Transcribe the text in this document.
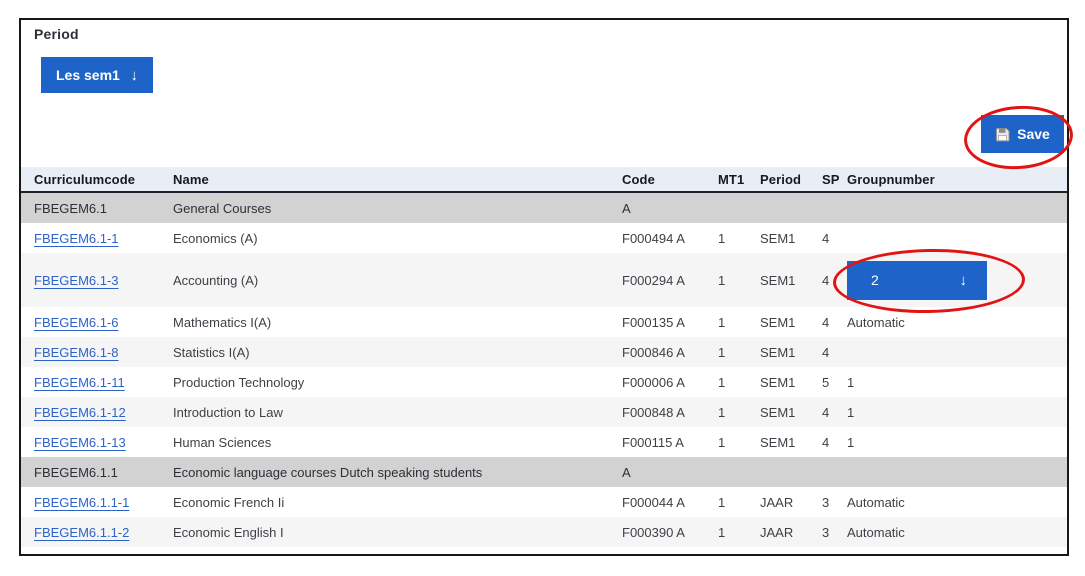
Period
Les sem1 ↓
Save
Curriculumcode	Name	Code	MT1	Period	SP	Groupnumber
FBEGEM6.1	General Courses	A				
FBEGEM6.1-1	Economics (A)	F000494 A	1	SEM1	4	
FBEGEM6.1-3	Accounting (A)	F000294 A	1	SEM1	4	2 ↓

FBEGEM6.1-6	Mathematics I(A)	F000135 A	1	SEM1	4	Automatic
FBEGEM6.1-8	Statistics I(A)	F000846 A	1	SEM1	4	
FBEGEM6.1-11	Production Technology	F000006 A	1	SEM1	5	1
FBEGEM6.1-12	Introduction to Law	F000848 A	1	SEM1	4	1
FBEGEM6.1-13	Human Sciences	F000115 A	1	SEM1	4	1
FBEGEM6.1.1	Economic language courses Dutch speaking students	A				
FBEGEM6.1.1-1	Economic French Ii	F000044 A	1	JAAR	3	Automatic
FBEGEM6.1.1-2	Economic English I	F000390 A	1	JAAR	3	Automatic
